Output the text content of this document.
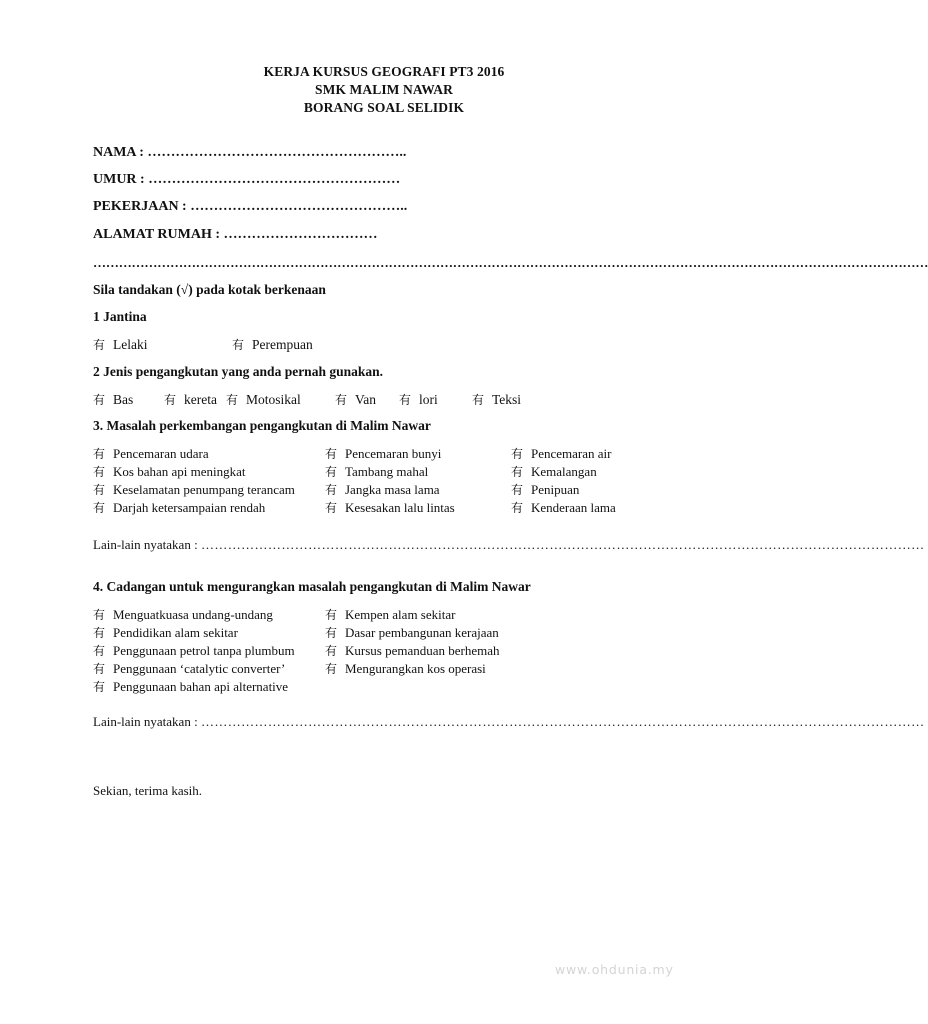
KERJA KURSUS GEOGRAFI PT3 2016
SMK MALIM NAWAR
BORANG SOAL SELIDIK
NAMA : ………………………………………………..
UMUR : ………………………………………………
PEKERJAAN : ………………………………………..
ALAMAT RUMAH : ……………………………
……………………………………………………………………………………………………………………………………………………………………………
Sila tandakan (√) pada kotak berkenaan
1 Jantina
有 Lelaki	有 Perempuan
2 Jenis pengangkutan yang anda pernah gunakan.
有 Bas	有 kereta 有 Motosikal	有 Van 有 lori	有 Teksi
3. Masalah perkembangan pengangkutan di Malim Nawar
有 Pencemaran udara	有 Pencemaran bunyi	有 Pencemaran air
有 Kos bahan api meningkat	有 Tambang mahal	有 Kemalangan
有 Keselamatan penumpang terancam	有 Jangka masa lama	有 Penipuan
有 Darjah ketersampaian rendah	有 Kesesakan lalu lintas	有 Kenderaan lama
Lain-lain nyatakan : ………………………………………………………………………………………………………………………………………………
4. Cadangan untuk mengurangkan masalah pengangkutan di Malim Nawar
有 Menguatkuasa undang-undang	有 Kempen alam sekitar
有 Pendidikan alam sekitar	有 Dasar pembangunan kerajaan
有 Penggunaan petrol tanpa plumbum	有 Kursus pemanduan berhemah
有 Penggunaan ‘catalytic converter’	有 Mengurangkan kos operasi
有 Penggunaan bahan api alternative
Lain-lain nyatakan : ………………………………………………………………………………………………………………………………………………
Sekian, terima kasih.
www.ohdunia.my
